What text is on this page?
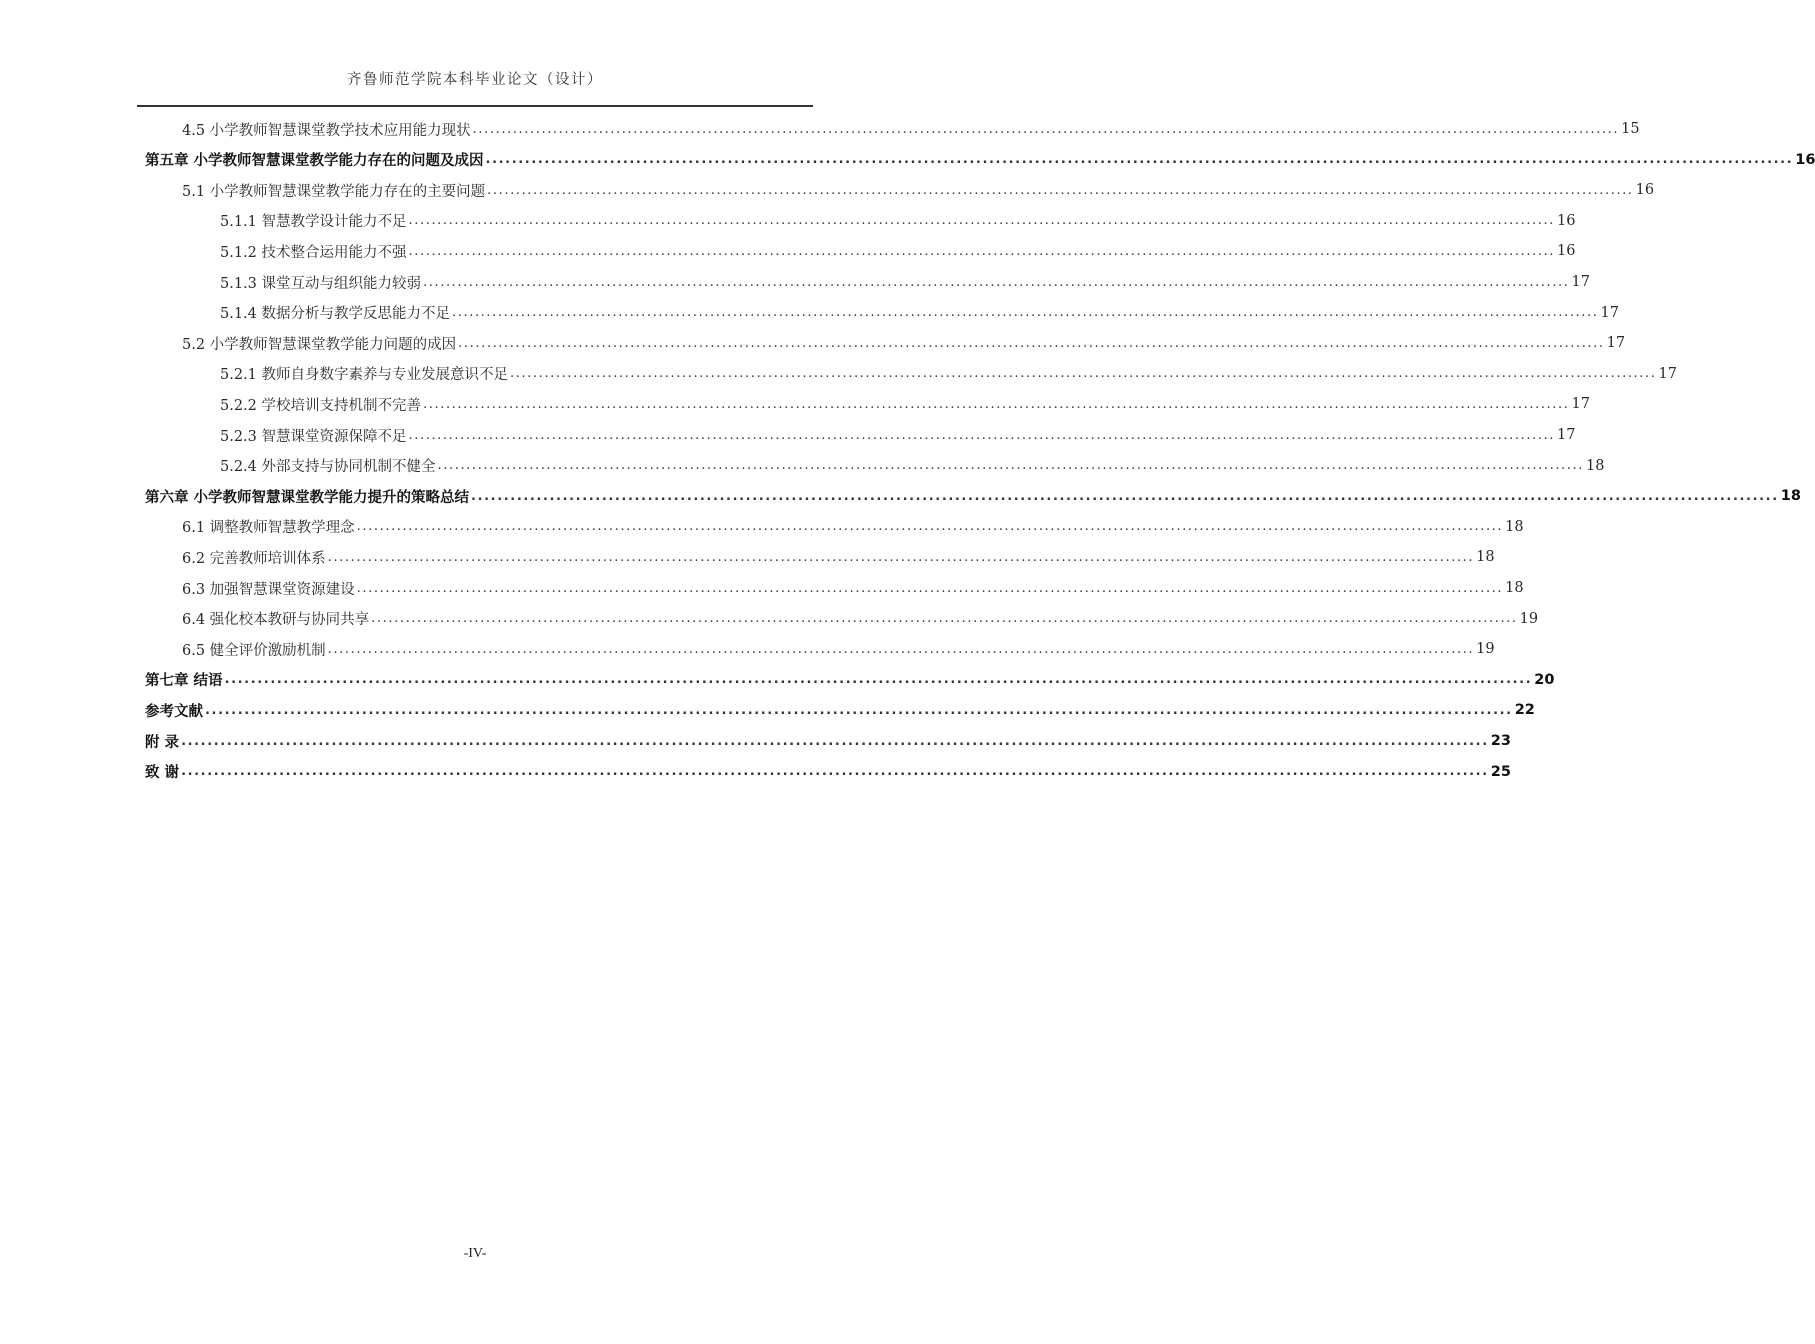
齐鲁师范学院本科毕业论文（设计）
4.5 小学教师智慧课堂教学技术应用能力现状 ........................................................................................................................................................................................................ 15
第五章 小学教师智慧课堂教学能力存在的问题及成因 ........................................................................................................................................................................................................ 16
5.1 小学教师智慧课堂教学能力存在的主要问题 ........................................................................................................................................................................................................ 16
5.1.1 智慧教学设计能力不足 ........................................................................................................................................................................................................ 16
5.1.2 技术整合运用能力不强 ........................................................................................................................................................................................................ 16
5.1.3 课堂互动与组织能力较弱 ........................................................................................................................................................................................................ 17
5.1.4 数据分析与教学反思能力不足 ........................................................................................................................................................................................................ 17
5.2 小学教师智慧课堂教学能力问题的成因 ........................................................................................................................................................................................................ 17
5.2.1 教师自身数字素养与专业发展意识不足 ........................................................................................................................................................................................................ 17
5.2.2 学校培训支持机制不完善 ........................................................................................................................................................................................................ 17
5.2.3 智慧课堂资源保障不足 ........................................................................................................................................................................................................ 17
5.2.4 外部支持与协同机制不健全 ........................................................................................................................................................................................................ 18
第六章 小学教师智慧课堂教学能力提升的策略总结 ........................................................................................................................................................................................................ 18
6.1 调整教师智慧教学理念 ........................................................................................................................................................................................................ 18
6.2 完善教师培训体系 ........................................................................................................................................................................................................ 18
6.3 加强智慧课堂资源建设 ........................................................................................................................................................................................................ 18
6.4 强化校本教研与协同共享 ........................................................................................................................................................................................................ 19
6.5 健全评价激励机制 ........................................................................................................................................................................................................ 19
第七章 结语 ........................................................................................................................................................................................................ 20
参考文献 ........................................................................................................................................................................................................ 22
附 录 ........................................................................................................................................................................................................ 23
致 谢 ........................................................................................................................................................................................................ 25
-IV-
